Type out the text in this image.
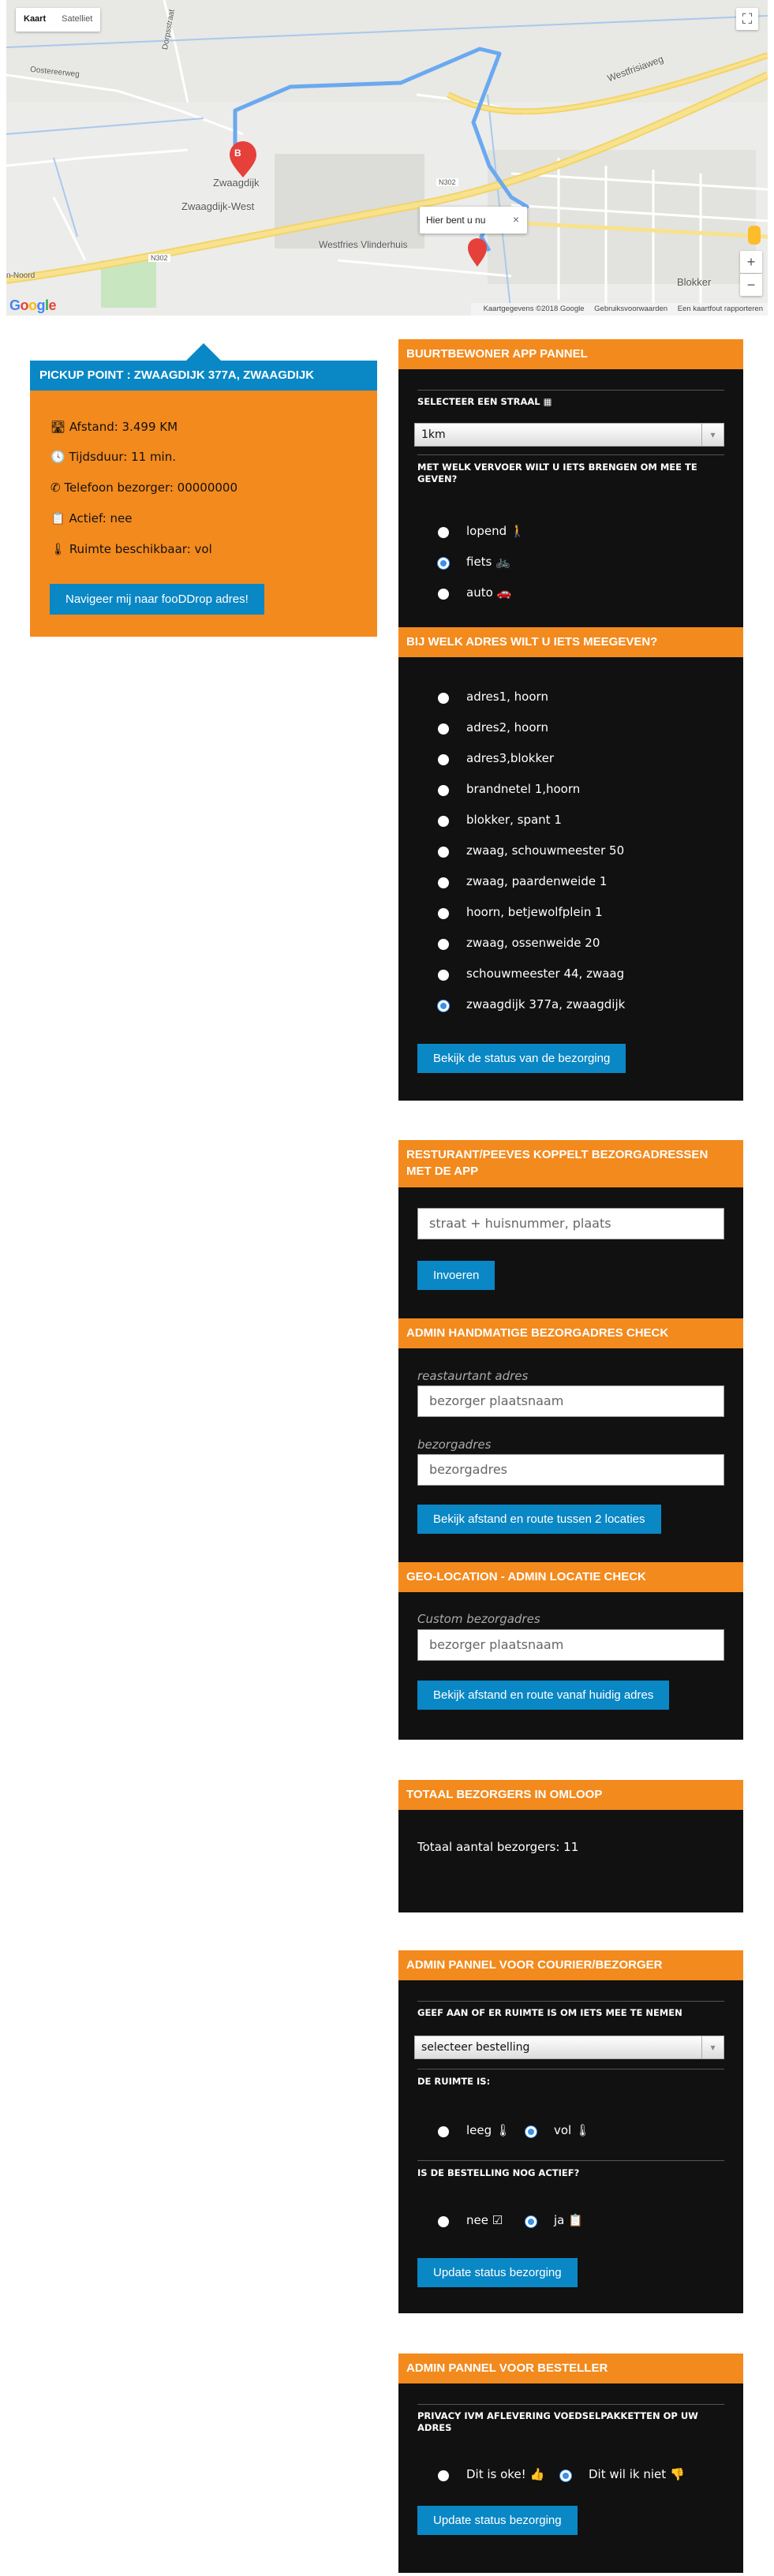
B
Zwaagdijk
Zwaagdijk-West
Blokker
Westfries Vlinderhuis
Westfrisiaweg
Dorpsstraat
Oostereerweg
N302
N302
n-Noord
Kaart	Satelliet	⛶
Hier bent u nu ×
+
−
Google	Kaartgegevens ©2018 Google Gebruiksvoorwaarden Een kaartfout rapporteren
PICKUP POINT : ZWAAGDIJK 377A, ZWAAGDIJK
🛣 Afstand: 3.499 KM
🕓 Tijdsduur: 11 min.
✆ Telefoon bezorger: 00000000
📋 Actief: nee
🌡 Ruimte beschikbaar: vol
Navigeer mij naar fooDDrop adres!
BUURTBEWONER APP PANNEL
SELECTEER EEN STRAAL ▦
1km	▾
MET WELK VERVOER WILT U IETS BRENGEN OM MEE TE GEVEN?
lopend 🚶
fiets 🚲
auto 🚗
BIJ WELK ADRES WILT U IETS MEEGEVEN?
adres1, hoorn
adres2, hoorn
adres3,blokker
brandnetel 1,hoorn
blokker, spant 1
zwaag, schouwmeester 50
zwaag, paardenweide 1
hoorn, betjewolfplein 1
zwaag, ossenweide 20
schouwmeester 44, zwaag
zwaagdijk 377a, zwaagdijk
Bekijk de status van de bezorging
RESTURANT/PEEVES KOPPELT BEZORGADRESSEN MET DE APP
straat + huisnummer, plaats
Invoeren
ADMIN HANDMATIGE BEZORGADRES CHECK
reastaurtant adres
bezorger plaatsnaam
bezorgadres
bezorgadres
Bekijk afstand en route tussen 2 locaties
GEO-LOCATION - ADMIN LOCATIE CHECK
Custom bezorgadres
bezorger plaatsnaam
Bekijk afstand en route vanaf huidig adres
TOTAAL BEZORGERS IN OMLOOP
Totaal aantal bezorgers: 11
ADMIN PANNEL VOOR COURIER/BEZORGER
GEEF AAN OF ER RUIMTE IS OM IETS MEE TE NEMEN
selecteer bestelling	▾
DE RUIMTE IS:
leeg 🌡	vol 🌡
IS DE BESTELLING NOG ACTIEF?
nee ☑	ja 📋
Update status bezorging
ADMIN PANNEL VOOR BESTELLER
PRIVACY IVM AFLEVERING VOEDSELPAKKETTEN OP UW ADRES
Dit is oke! 👍	Dit wil ik niet 👎
Update status bezorging
